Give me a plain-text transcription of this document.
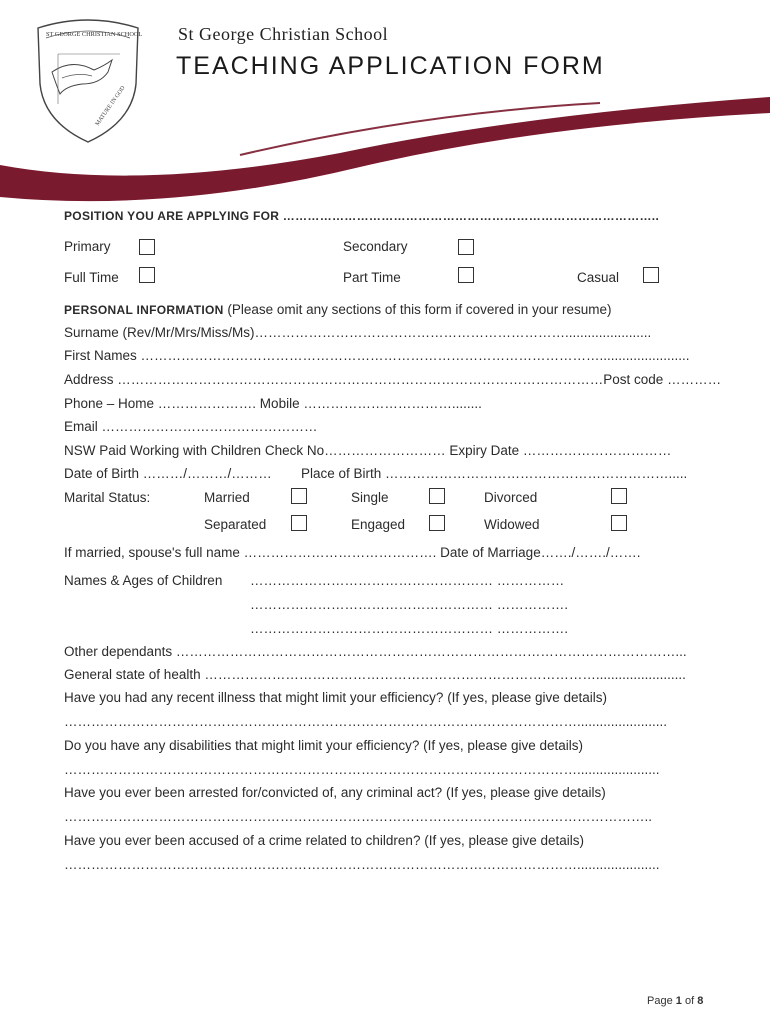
ST GEORGE CHRISTIAN SCHOOL
MATURE IN GOD
St George Christian School
TEACHING APPLICATION FORM
POSITION YOU ARE APPLYING FOR ………………………………………………………………………………..
Primary	Secondary
Full Time	Part Time	Casual
PERSONAL INFORMATION (Please omit any sections of this form if covered in your resume)
Surname (Rev/Mr/Mrs/Miss/Ms)…………………………………………………………….......................
First Names …………………………………………………………………………………………........................
Address ………………………………………………………………………………………………Post code …………
Phone – Home …………………. Mobile ……………………………........
Email …………………………………………
NSW Paid Working with Children Check No……………………… Expiry Date ……………………………
Date of Birth ………/………/……… Place of Birth ……………………………………………………….....
Marital Status:	Married	Single	Divorced
Separated	Engaged	Widowed
If married, spouse's full name ……………………………………. Date of Marriage……./……./…….
Names & Ages of Children ……………………………………………… ……………
……………………………………………… …………….
……………………………………………… …………….
Other dependants …………………………………………………………………………………………………...
General state of health ……………………………………………………………………………........................
Have you had any recent illness that might limit your efficiency? (If yes, please give details)
……………………………………………………………………………………………………........................
Do you have any disabilities that might limit your efficiency? (If yes, please give details)
……………………………………………………………………………………………………......................
Have you ever been arrested for/convicted of, any criminal act? (If yes, please give details)
…………………………………………………………………………………………………………………..
Have you ever been accused of a crime related to children? (If yes, please give details)
……………………………………………………………………………………………………......................
Page 1 of 8
